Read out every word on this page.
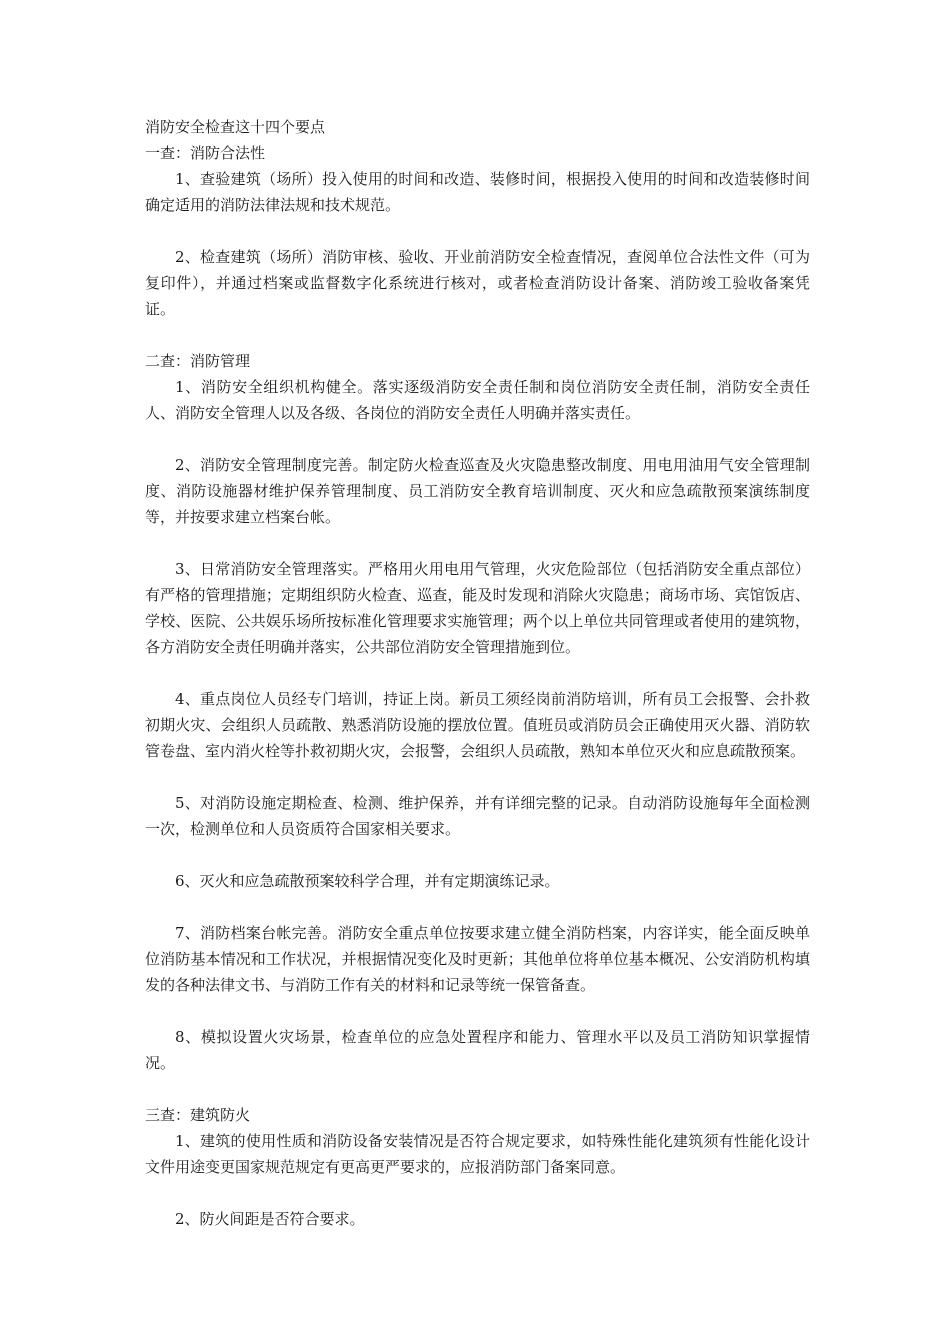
消防安全检查这十四个要点
一查：消防合法性

1、查验建筑（场所）投入使用的时间和改造、装修时间，根据投入使用的时间和改造装修时间确定适用的消防法律法规和技术规范。

2、检查建筑（场所）消防审核、验收、开业前消防安全检查情况，查阅单位合法性文件（可为复印件），并通过档案或监督数字化系统进行核对，或者检查消防设计备案、消防竣工验收备案凭证。

二查：消防管理

1、消防安全组织机构健全。落实逐级消防安全责任制和岗位消防安全责任制，消防安全责任人、消防安全管理人以及各级、各岗位的消防安全责任人明确并落实责任。

2、消防安全管理制度完善。制定防火检查巡查及火灾隐患整改制度、用电用油用气安全管理制度、消防设施器材维护保养管理制度、员工消防安全教育培训制度、灭火和应急疏散预案演练制度等，并按要求建立档案台帐。

3、日常消防安全管理落实。严格用火用电用气管理，火灾危险部位（包括消防安全重点部位）有严格的管理措施；定期组织防火检查、巡查，能及时发现和消除火灾隐患；商场市场、宾馆饭店、学校、医院、公共娱乐场所按标准化管理要求实施管理；两个以上单位共同管理或者使用的建筑物，各方消防安全责任明确并落实，公共部位消防安全管理措施到位。

4、重点岗位人员经专门培训，持证上岗。新员工须经岗前消防培训，所有员工会报警、会扑救初期火灾、会组织人员疏散、熟悉消防设施的摆放位置。值班员或消防员会正确使用灭火器、消防软管卷盘、室内消火栓等扑救初期火灾，会报警，会组织人员疏散，熟知本单位灭火和应息疏散预案。

5、对消防设施定期检查、检测、维护保养，并有详细完整的记录。自动消防设施每年全面检测一次，检测单位和人员资质符合国家相关要求。

6、灭火和应急疏散预案较科学合理，并有定期演练记录。

7、消防档案台帐完善。消防安全重点单位按要求建立健全消防档案，内容详实，能全面反映单位消防基本情况和工作状况，并根据情况变化及时更新；其他单位将单位基本概况、公安消防机构填发的各种法律文书、与消防工作有关的材料和记录等统一保管备查。

8、模拟设置火灾场景，检查单位的应急处置程序和能力、管理水平以及员工消防知识掌握情况。

三查：建筑防火

1、建筑的使用性质和消防设备安装情况是否符合规定要求，如特殊性能化建筑须有性能化设计文件用途变更国家规范规定有更高更严要求的，应报消防部门备案同意。

2、防火间距是否符合要求。
